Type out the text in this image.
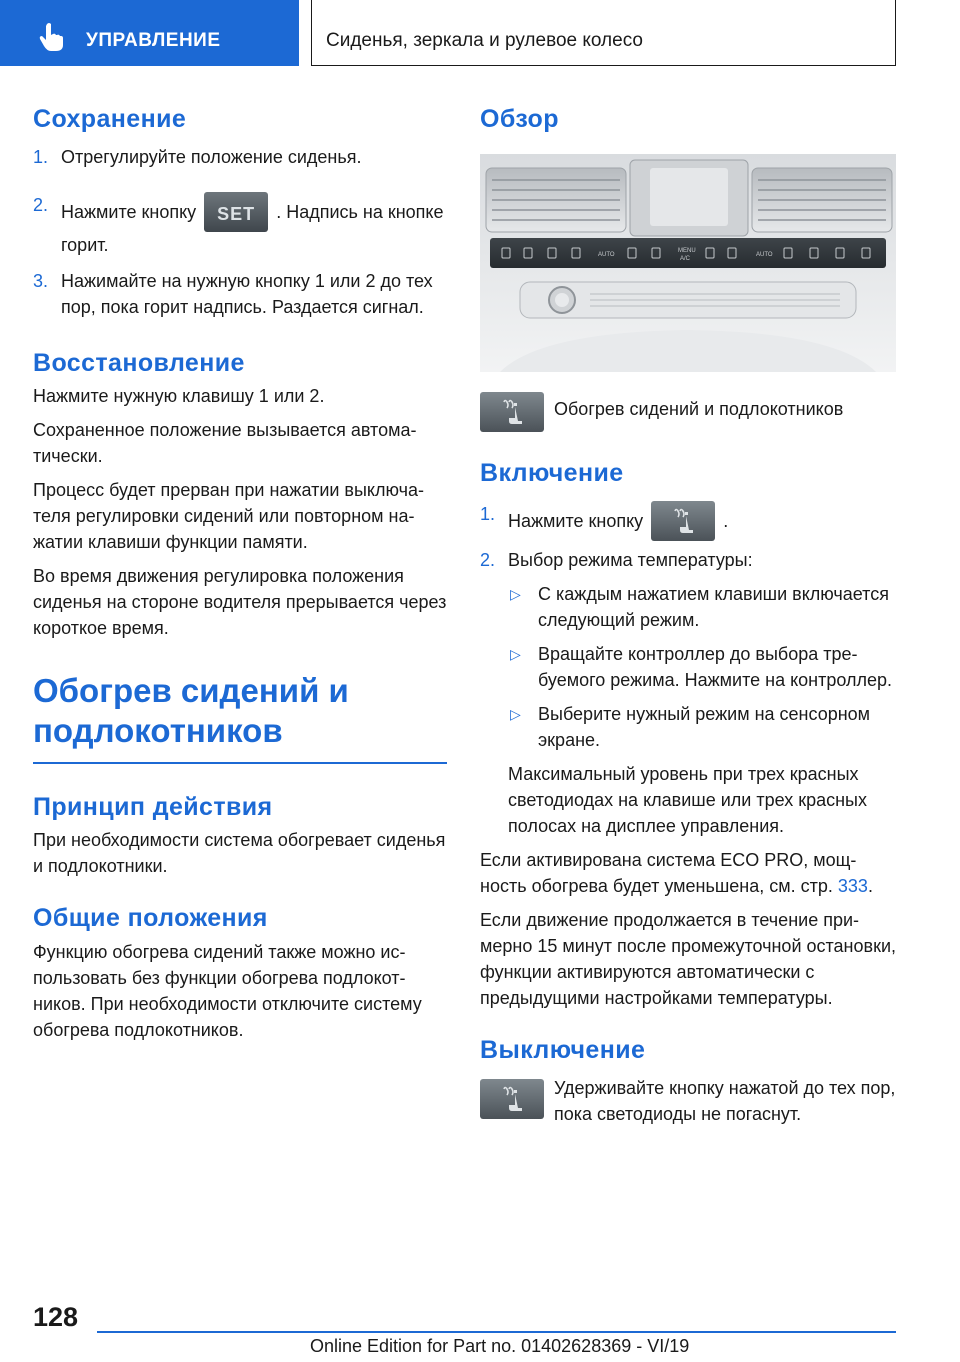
УПРАВЛЕНИЕ	Сиденья, зеркала и рулевое колесо
Сохранение
1. Отрегулируйте положение сиденья.
2. Нажмите кнопку	SET	. Надпись на кнопке горит.
3. Нажимайте на нужную кнопку 1 или 2 до тех пор, пока горит надпись. Раздается сигнал.
Восстановление

Нажмите нужную клавишу 1 или 2.

Сохраненное положение вызывается автоматически.

Процесс будет прерван при нажатии выключателя регулировки сидений или повторном нажатии клавиши функции памяти.

Во время движения регулировка положения сиденья на стороне водителя прерывается через короткое время.

Обогрев сидений и подлокотников
Принцип действия

При необходимости система обогревает сиденья и подлокотники.

Общие положения

Функцию обогрева сидений также можно использовать без функции обогрева подлокотников. При необходимости отключите систему обогрева подлокотников.

Обзор
AUTO
MENU
A/C
AUTO

Обогрев сидений и подлокотников

Включение
1. Нажмите кнопку	.
2. Выбор режима температуры:
▷ С каждым нажатием клавиши включается следующий режим.
▷ Вращайте контроллер до выбора требуемого режима. Нажмите на контроллер.
▷ Выберите нужный режим на сенсорном экране.

Максимальный уровень при трех красных светодиодах на клавише или трех красных полосах на дисплее управления.

Если активирована система ECO PRO, мощность обогрева будет уменьшена, см. стр. 333.

Если движение продолжается в течение примерно 15 минут после промежуточной остановки, функции активируются автоматически с предыдущими настройками температуры.

Выключение

Удерживайте кнопку нажатой до тех пор, пока светодиоды не погаснут.

128
Online Edition for Part no. 01402628369 - VI/19
